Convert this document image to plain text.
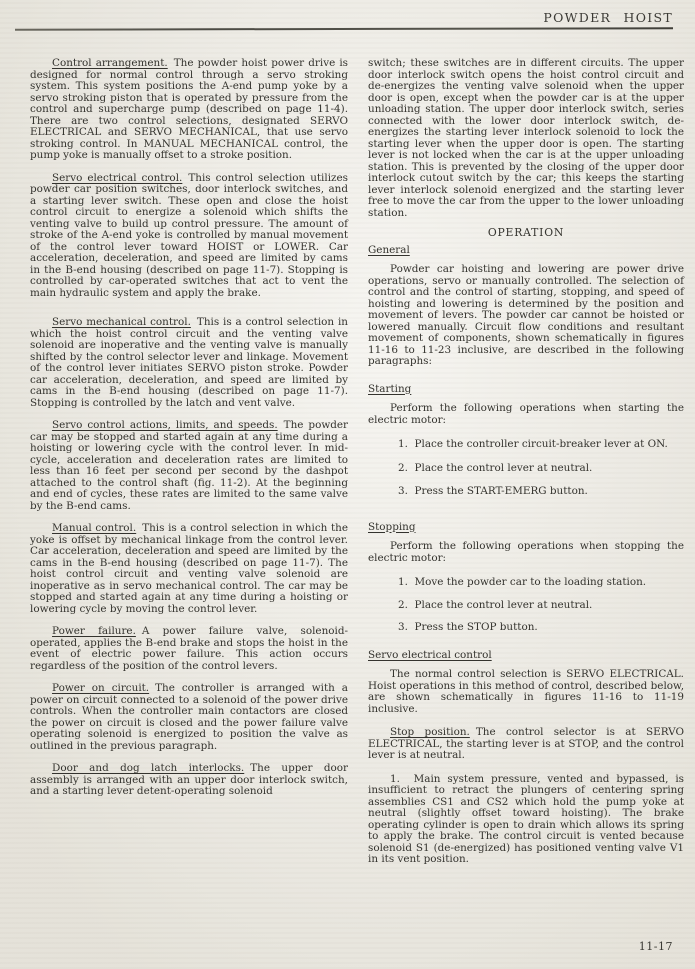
POWDER HOIST

Control arrangement. The powder hoist power drive is designed for normal control through a servo stroking system. This system positions the A-end pump yoke by a servo stroking piston that is operated by pressure from the control and supercharge pump (described on page 11-4). There are two control selections, designated SERVO ELECTRICAL and SERVO MECHANICAL, that use servo stroking control. In MANUAL MECHANICAL control, the pump yoke is manually offset to a stroke position.

Servo electrical control. This control selection utilizes powder car position switches, door interlock switches, and a starting lever switch. These open and close the hoist control circuit to energize a solenoid which shifts the venting valve to build up control pressure. The amount of stroke of the A-end yoke is controlled by manual movement of the control lever toward HOIST or LOWER. Car acceleration, deceleration, and speed are limited by cams in the B-end housing (described on page 11-7). Stopping is controlled by car-operated switches that act to vent the main hydraulic system and apply the brake.

Servo mechanical control. This is a control selection in which the hoist control circuit and the venting valve solenoid are inoperative and the venting valve is manually shifted by the control selector lever and linkage. Movement of the control lever initiates SERVO piston stroke. Powder car acceleration, deceleration, and speed are limited by cams in the B-end housing (described on page 11-7). Stopping is controlled by the latch and vent valve.

Servo control actions, limits, and speeds. The powder car may be stopped and started again at any time during a hoisting or lowering cycle with the control lever. In mid-cycle, acceleration and deceleration rates are limited to less than 16 feet per second per second by the dashpot attached to the control shaft (fig. 11-2). At the beginning and end of cycles, these rates are limited to the same valve by the B-end cams.

Manual control. This is a control selection in which the yoke is offset by mechanical linkage from the control lever. Car acceleration, deceleration and speed are limited by the cams in the B-end housing (described on page 11-7). The hoist control circuit and venting valve solenoid are inoperative as in servo mechanical control. The car may be stopped and started again at any time during a hoisting or lowering cycle by moving the control lever.

Power failure. A power failure valve, solenoid-operated, applies the B-end brake and stops the hoist in the event of electric power failure. This action occurs regardless of the position of the control levers.

Power on circuit. The controller is arranged with a power on circuit connected to a solenoid of the power drive controls. When the controller main contactors are closed the power on circuit is closed and the power failure valve operating solenoid is energized to position the valve as outlined in the previous paragraph.

Door and dog latch interlocks. The upper door assembly is arranged with an upper door interlock switch, and a starting lever detent-operating solenoid

switch; these switches are in different circuits. The upper door interlock switch opens the hoist control circuit and de-energizes the venting valve solenoid when the upper door is open, except when the powder car is at the upper unloading station. The upper door interlock switch, series connected with the lower door interlock switch, de-energizes the starting lever interlock solenoid to lock the starting lever when the upper door is open. The starting lever is not locked when the car is at the upper unloading station. This is prevented by the closing of the upper door interlock cutout switch by the car; this keeps the starting lever interlock solenoid energized and the starting lever free to move the car from the upper to the lower unloading station.

OPERATION

General

Powder car hoisting and lowering are power drive operations, servo or manually controlled. The selection of control and the control of starting, stopping, and speed of hoisting and lowering is determined by the position and movement of levers. The powder car cannot be hoisted or lowered manually. Circuit flow conditions and resultant movement of components, shown schematically in figures 11-16 to 11-23 inclusive, are described in the following paragraphs:

Starting

Perform the following operations when starting the electric motor:

1.  Place the controller circuit-breaker lever at ON.

2.  Place the control lever at neutral.

3.  Press the START-EMERG button.

Stopping

Perform the following operations when stopping the electric motor:

1.  Move the powder car to the loading station.

2.  Place the control lever at neutral.

3.  Press the STOP button.

Servo electrical control

The normal control selection is SERVO ELECTRICAL. Hoist operations in this method of control, described below, are shown schematically in figures 11-16 to 11-19 inclusive.

Stop position. The control selector is at SERVO ELECTRICAL, the starting lever is at STOP, and the control lever is at neutral.

1.  Main system pressure, vented and bypassed, is insufficient to retract the plungers of centering spring assemblies CS1 and CS2 which hold the pump yoke at neutral (slightly offset toward hoisting). The brake operating cylinder is open to drain which allows its spring to apply the brake. The control circuit is vented because solenoid S1 (de-energized) has positioned venting valve V1 in its vent position.

11-17
